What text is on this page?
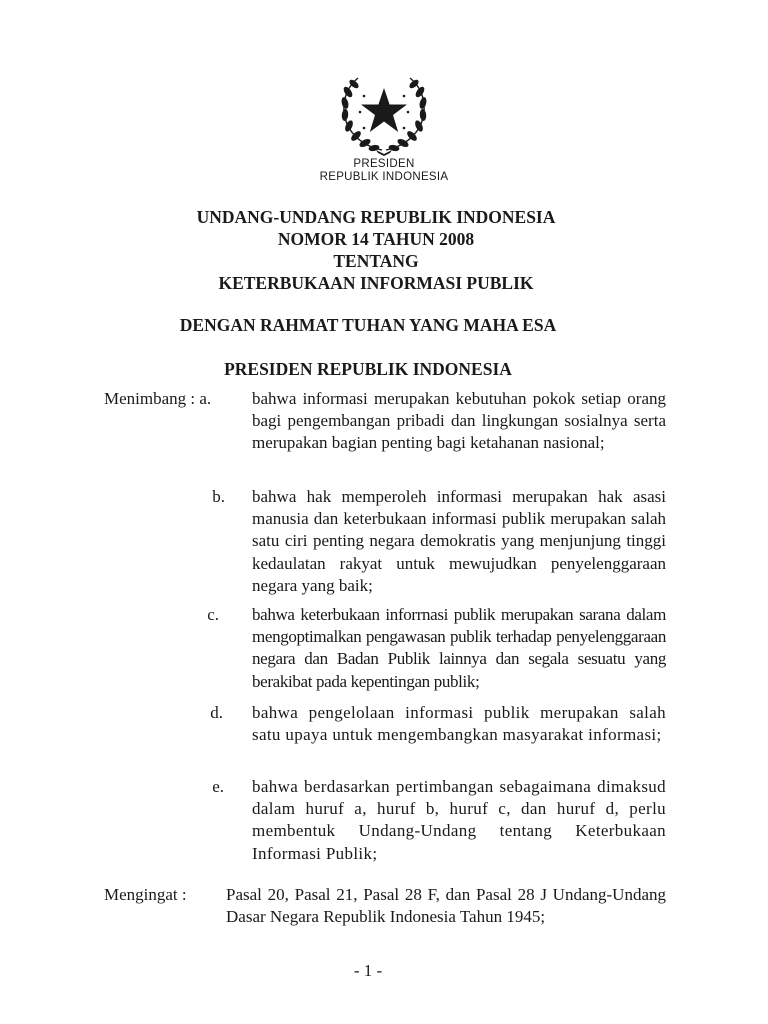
PRESIDEN
REPUBLIK INDONESIA
UNDANG-UNDANG REPUBLIK INDONESIA
NOMOR 14 TAHUN 2008
TENTANG
KETERBUKAAN INFORMASI PUBLIK
DENGAN RAHMAT TUHAN YANG MAHA ESA
PRESIDEN REPUBLIK INDONESIA
Menimbang : a. bahwa informasi merupakan kebutuhan pokok setiap orang bagi pengembangan pribadi dan lingkungan sosialnya serta merupakan bagian penting bagi ketahanan nasional;
b. bahwa hak memperoleh informasi merupakan hak asasi manusia dan keterbukaan informasi publik merupakan salah satu ciri penting negara demokratis yang menjunjung tinggi kedaulatan rakyat untuk mewujudkan penyelenggaraan negara yang baik;
c. bahwa keterbukaan inforrnasi publik merupakan sarana dalam mengoptimalkan pengawasan publik terhadap penyelenggaraan negara dan Badan Publik lainnya dan segala sesuatu yang berakibat pada kepentingan publik;
d. bahwa pengelolaan informasi publik merupakan salah satu upaya untuk mengembangkan masyarakat informasi;
e. bahwa berdasarkan pertimbangan sebagaimana dimaksud dalam huruf a, huruf b, huruf c, dan huruf d, perlu membentuk Undang-Undang tentang Keterbukaan Informasi Publik;
Mengingat : Pasal 20, Pasal 21, Pasal 28 F, dan Pasal 28 J Undang-Undang Dasar Negara Republik Indonesia Tahun 1945;
- 1 -
